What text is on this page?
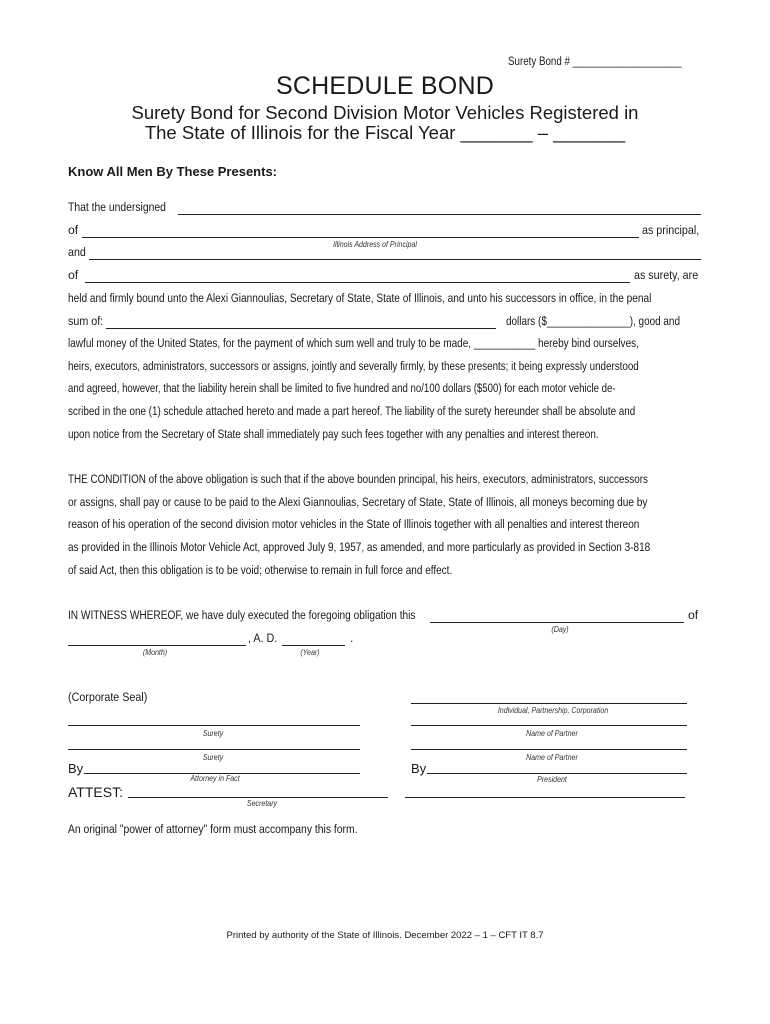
Surety Bond # ____________________
SCHEDULE BOND
Surety Bond for Second Division Motor Vehicles Registered in
The State of Illinois for the Fiscal Year _______ – _______
Know All Men By These Presents:
That the undersigned
of	as principal,
Illinois Address of Principal
and
of	as surety, are
held and firmly bound unto the Alexi Giannoulias, Secretary of State, State of Illinois, and unto his successors in office, in the penal
sum of:	dollars ($_______________), good and
lawful money of the United States, for the payment of which sum well and truly to be made, ___________ hereby bind ourselves,
heirs, executors, administrators, successors or assigns, jointly and severally firmly, by these presents; it being expressly understood
and agreed, however, that the liability herein shall be limited to five hundred and no/100 dollars ($500) for each motor vehicle de-
scribed in the one (1) schedule attached hereto and made a part hereof. The liability of the surety hereunder shall be absolute and
upon notice from the Secretary of State shall immediately pay such fees together with any penalties and interest thereon.
THE CONDITION of the above obligation is such that if the above bounden principal, his heirs, executors, administrators, successors
or assigns, shall pay or cause to be paid to the Alexi Giannoulias, Secretary of State, State of Illinois, all moneys becoming due by
reason of his operation of the second division motor vehicles in the State of Illinois together with all penalties and interest thereon
as provided in the Illinois Motor Vehicle Act, approved July 9, 1957, as amended, and more particularly as provided in Section 3-818
of said Act, then this obligation is to be void; otherwise to remain in full force and effect.
IN WITNESS WHEREOF, we have duly executed the foregoing obligation this	of
(Day)
, A. D.	.
(Month)	(Year)
(Corporate Seal)
Surety
Surety
By
Attorney in Fact
ATTEST:
Secretary
Individual, Partnership, Corporation
Name of Partner
Name of Partner
By
President
An original "power of attorney" form must accompany this form.
Printed by authority of the State of Illinois. December 2022 – 1 – CFT IT 8.7
